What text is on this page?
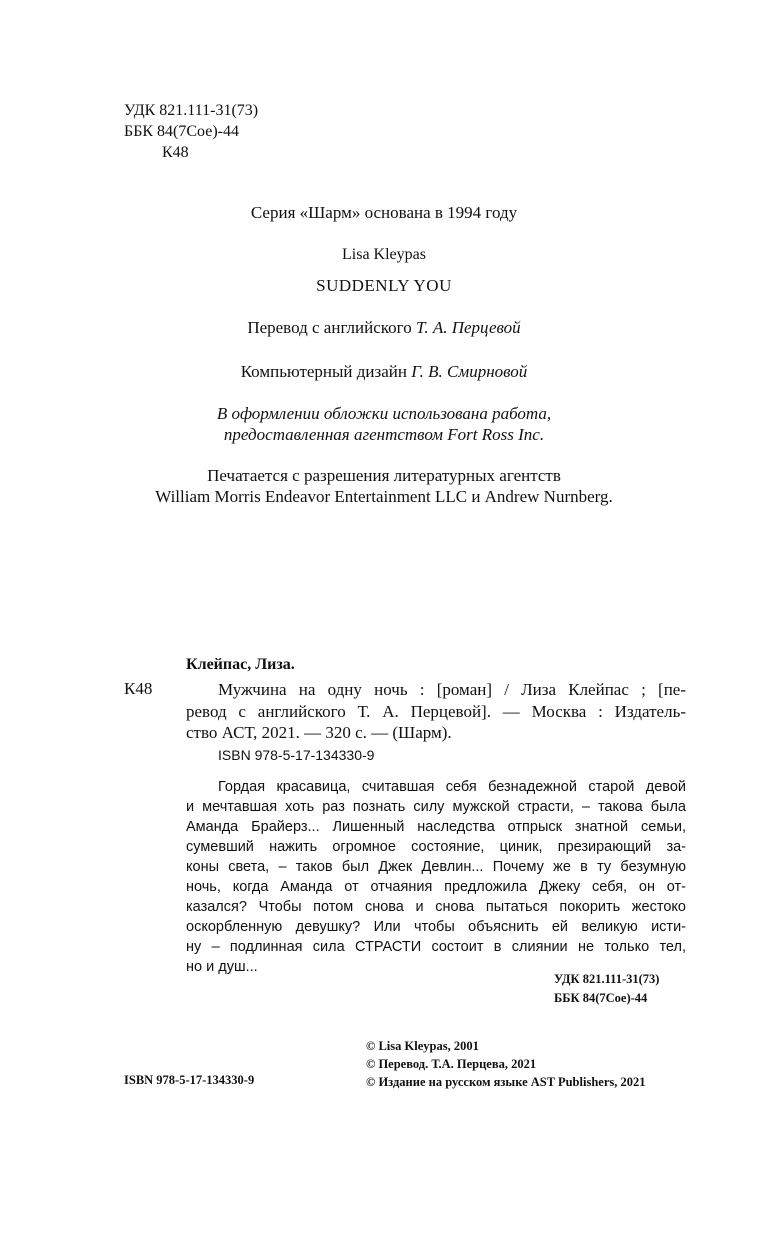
УДК 821.111-31(73)
ББК 84(7Сое)-44
К48
Серия «Шарм» основана в 1994 году
Lisa Kleypas
SUDDENLY YOU
Перевод с английского Т. А. Перцевой
Компьютерный дизайн Г. В. Смирновой
В оформлении обложки использована работа,
предоставленная агентством Fort Ross Inc.
Печатается с разрешения литературных агентств
William Morris Endeavor Entertainment LLC и Andrew Nurnberg.
Клейпас, Лиза.
К48	Мужчина на одну ночь : [роман] / Лиза Клейпас ; [пе-
ревод с английского Т. А. Перцевой]. — Москва : Издатель-
ство АСТ, 2021. — 320 с. — (Шарм).
ISBN 978-5-17-134330-9
Гордая красавица, считавшая себя безнадежной старой девой
и мечтавшая хоть раз познать силу мужской страсти, – такова была
Аманда Брайерз... Лишенный наследства отпрыск знатной семьи,
сумевший нажить огромное состояние, циник, презирающий за-
коны света, – таков был Джек Девлин... Почему же в ту безумную
ночь, когда Аманда от отчаяния предложила Джеку себя, он от-
казался? Чтобы потом снова и снова пытаться покорить жестоко
оскорбленную девушку? Или чтобы объяснить ей великую исти-
ну – подлинная сила СТРАСТИ состоит в слиянии не только тел,
но и душ...
УДК 821.111-31(73)
ББК 84(7Сое)-44
© Lisa Kleypas, 2001
© Перевод. Т.А. Перцева, 2021
© Издание на русском языке AST Publishers, 2021
ISBN 978-5-17-134330-9
